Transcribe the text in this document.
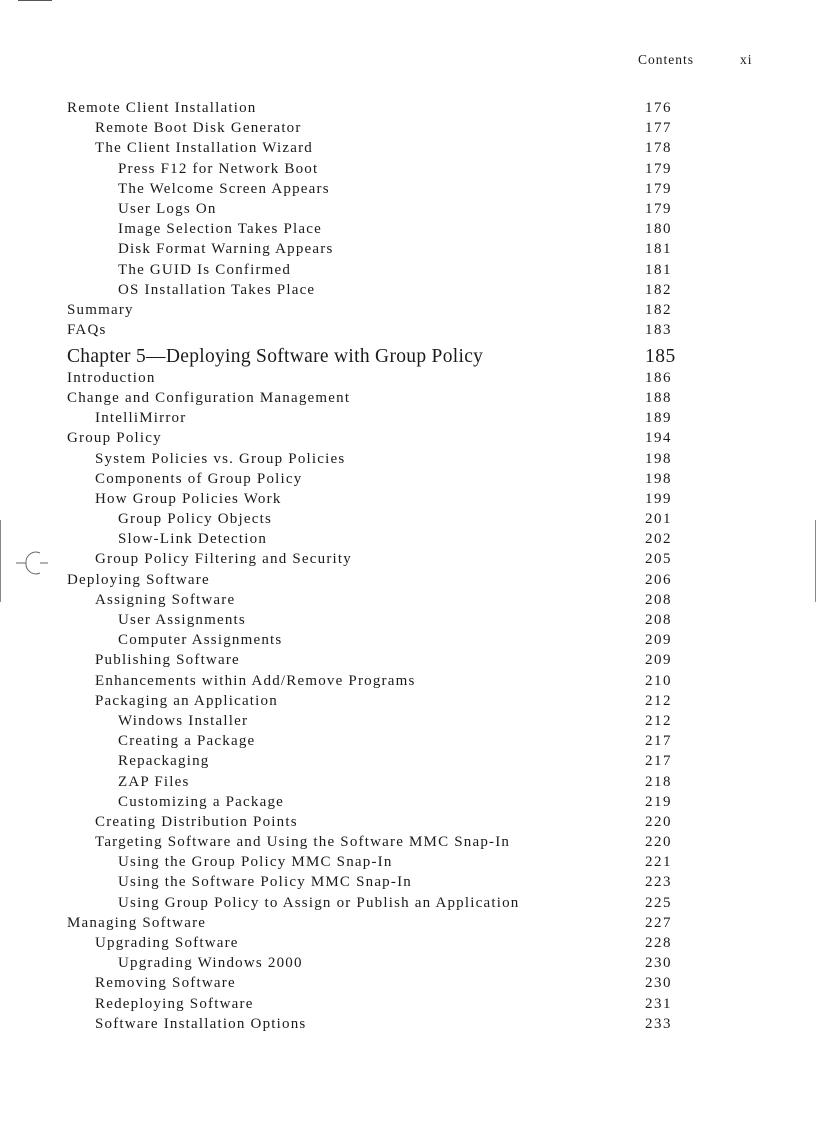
Contents	xi
Remote Client Installation	176
Remote Boot Disk Generator	177
The Client Installation Wizard	178
Press F12 for Network Boot	179
The Welcome Screen Appears	179
User Logs On	179
Image Selection Takes Place	180
Disk Format Warning Appears	181
The GUID Is Confirmed	181
OS Installation Takes Place	182
Summary	182
FAQs	183
Chapter 5—Deploying Software with Group Policy	185
Introduction	186
Change and Configuration Management	188
IntelliMirror	189
Group Policy	194
System Policies vs. Group Policies	198
Components of Group Policy	198
How Group Policies Work	199
Group Policy Objects	201
Slow-Link Detection	202
Group Policy Filtering and Security	205
Deploying Software	206
Assigning Software	208
User Assignments	208
Computer Assignments	209
Publishing Software	209
Enhancements within Add/Remove Programs	210
Packaging an Application	212
Windows Installer	212
Creating a Package	217
Repackaging	217
ZAP Files	218
Customizing a Package	219
Creating Distribution Points	220
Targeting Software and Using the Software MMC Snap-In	220
Using the Group Policy MMC Snap-In	221
Using the Software Policy MMC Snap-In	223
Using Group Policy to Assign or Publish an Application	225
Managing Software	227
Upgrading Software	228
Upgrading Windows 2000	230
Removing Software	230
Redeploying Software	231
Software Installation Options	233
